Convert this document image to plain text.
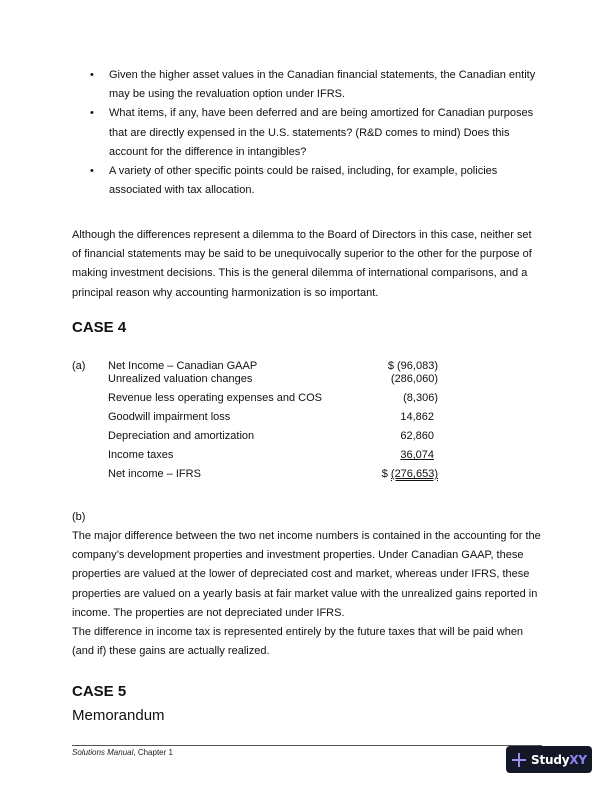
• Given the higher asset values in the Canadian financial statements, the Canadian entity may be using the revaluation option under IFRS.
• What items, if any, have been deferred and are being amortized for Canadian purposes that are directly expensed in the U.S. statements? (R&D comes to mind) Does this account for the difference in intangibles?
• A variety of other specific points could be raised, including, for example, policies associated with tax allocation.

Although the differences represent a dilemma to the Board of Directors in this case, neither set of financial statements may be said to be unequivocally superior to the other for the purpose of making investment decisions. This is the general dilemma of international comparisons, and a principal reason why accounting harmonization is so important.

CASE 4
(a) Net Income – Canadian GAAP	$ (96,083)
Unrealized valuation changes	(286,060)
Revenue less operating expenses and COS	(8,306)
Goodwill impairment loss	14,862
Depreciation and amortization	62,860
Income taxes	36,074
Net income – IFRS	$ (276,653)

(b)

The major difference between the two net income numbers is contained in the accounting for the company’s development properties and investment properties. Under Canadian GAAP, these properties are valued at the lower of depreciated cost and market, whereas under IFRS, these properties are valued on a yearly basis at fair market value with the unrealized gains reported in income. The properties are not depreciated under IFRS.

The difference in income tax is represented entirely by the future taxes that will be paid when (and if) these gains are actually realized.

CASE 5
Memorandum
Solutions Manual, Chapter 1	StudyXY
